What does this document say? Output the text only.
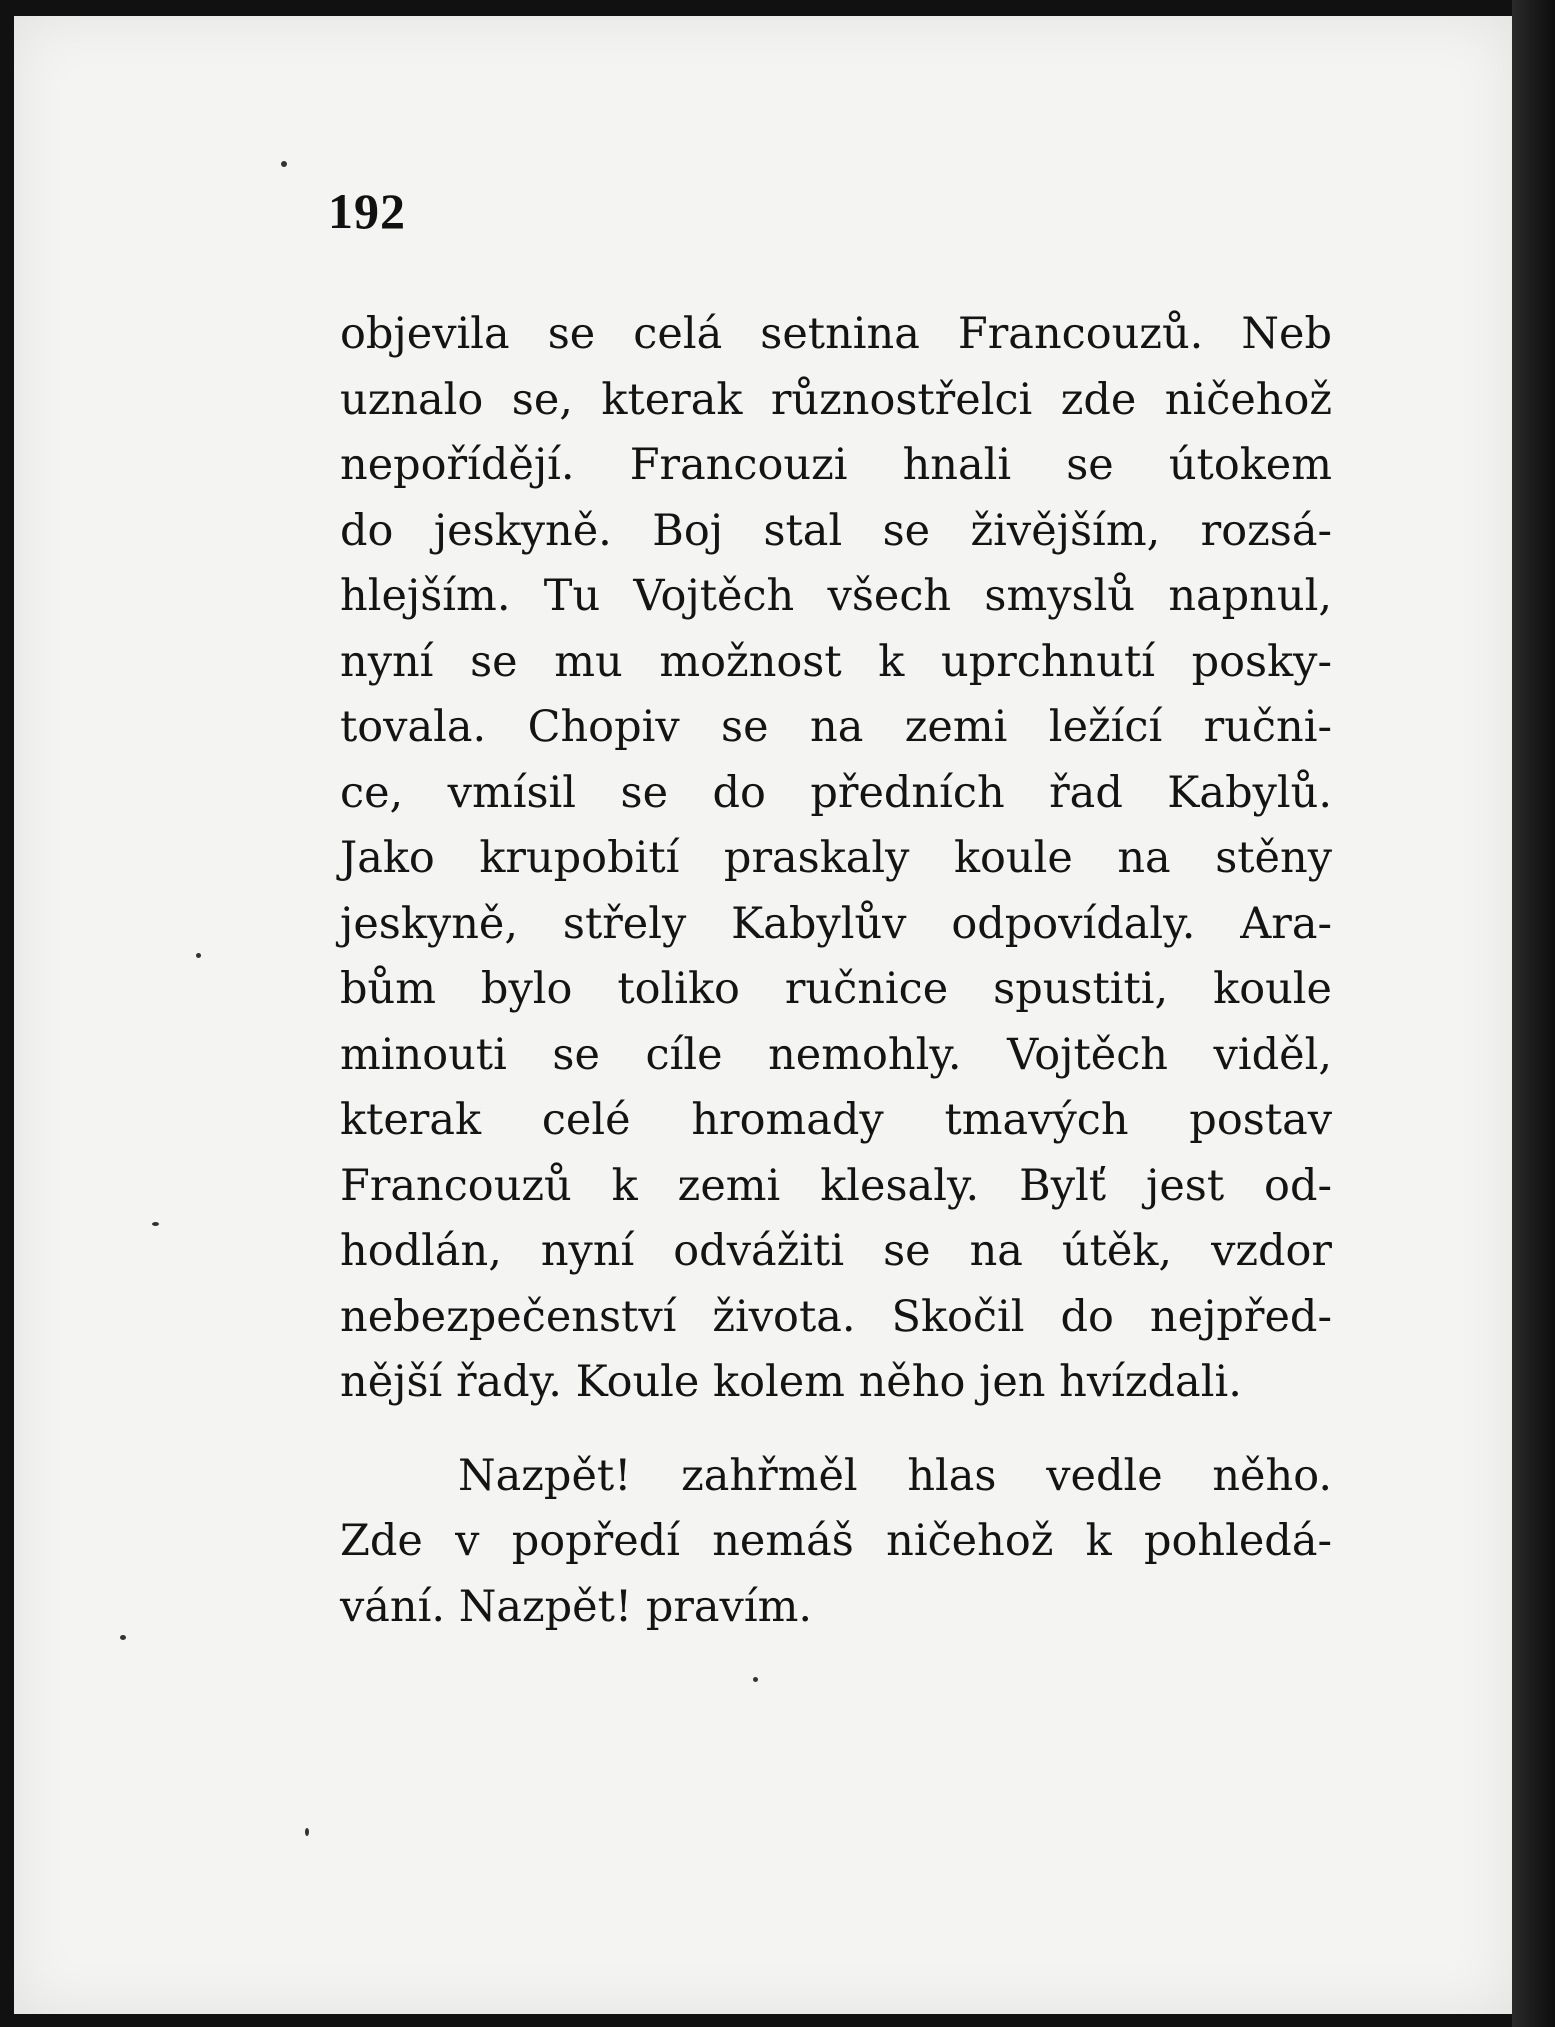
192
objevila se celá setnina Francouzů. Neb
uznalo se, kterak různostřelci zde ničehož
nepořídějí. Francouzi hnali se útokem
do jeskyně. Boj stal se živějším, rozsá-
hlejším. Tu Vojtěch všech smyslů napnul,
nyní se mu možnost k uprchnutí posky-
tovala. Chopiv se na zemi ležící ručni-
ce, vmísil se do předních řad Kabylů.
Jako krupobití praskaly koule na stěny
jeskyně, střely Kabylův odpovídaly. Ara-
bům bylo toliko ručnice spustiti, koule
minouti se cíle nemohly. Vojtěch viděl,
kterak celé hromady tmavých postav
Francouzů k zemi klesaly. Bylť jest od-
hodlán, nyní odvážiti se na útěk, vzdor
nebezpečenství života. Skočil do nejpřed-
nější řady. Koule kolem něho jen hvízdali.
Nazpět! zahřměl hlas vedle něho.
Zde v popředí nemáš ničehož k pohledá-
vání. Nazpět! pravím.
